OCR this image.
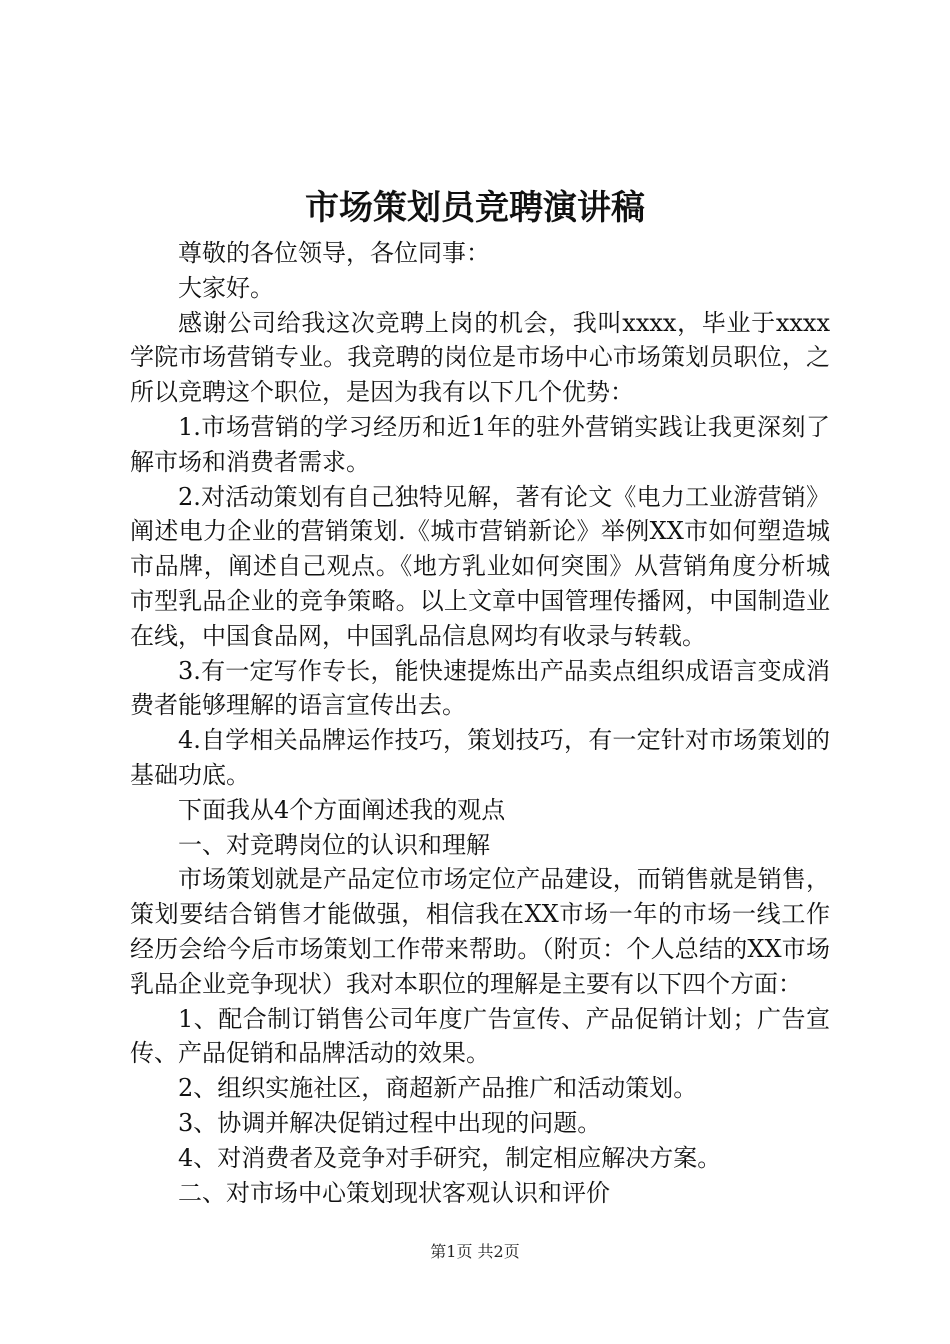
市场策划员竞聘演讲稿

尊敬的各位领导，各位同事：

大家好。

感谢公司给我这次竞聘上岗的机会，我叫xxxx，毕业于xxxx学院市场营销专业。我竞聘的岗位是市场中心市场策划员职位，之所以竞聘这个职位，是因为我有以下几个优势：

1.市场营销的学习经历和近1年的驻外营销实践让我更深刻了解市场和消费者需求。

2.对活动策划有自己独特见解，著有论文《电力工业游营销》阐述电力企业的营销策划.《城市营销新论》举例XX市如何塑造城市品牌，阐述自己观点。《地方乳业如何突围》从营销角度分析城市型乳品企业的竞争策略。以上文章中国管理传播网，中国制造业在线，中国食品网，中国乳品信息网均有收录与转载。

3.有一定写作专长，能快速提炼出产品卖点组织成语言变成消费者能够理解的语言宣传出去。

4.自学相关品牌运作技巧，策划技巧，有一定针对市场策划的基础功底。

下面我从4个方面阐述我的观点

一、对竞聘岗位的认识和理解

市场策划就是产品定位市场定位产品建设，而销售就是销售，策划要结合销售才能做强，相信我在XX市场一年的市场一线工作经历会给今后市场策划工作带来帮助。（附页：个人总结的XX市场乳品企业竞争现状）我对本职位的理解是主要有以下四个方面：

1、配合制订销售公司年度广告宣传、产品促销计划；广告宣传、产品促销和品牌活动的效果。

2、组织实施社区，商超新产品推广和活动策划。

3、协调并解决促销过程中出现的问题。

4、对消费者及竞争对手研究，制定相应解决方案。

二、对市场中心策划现状客观认识和评价

第1页 共2页
